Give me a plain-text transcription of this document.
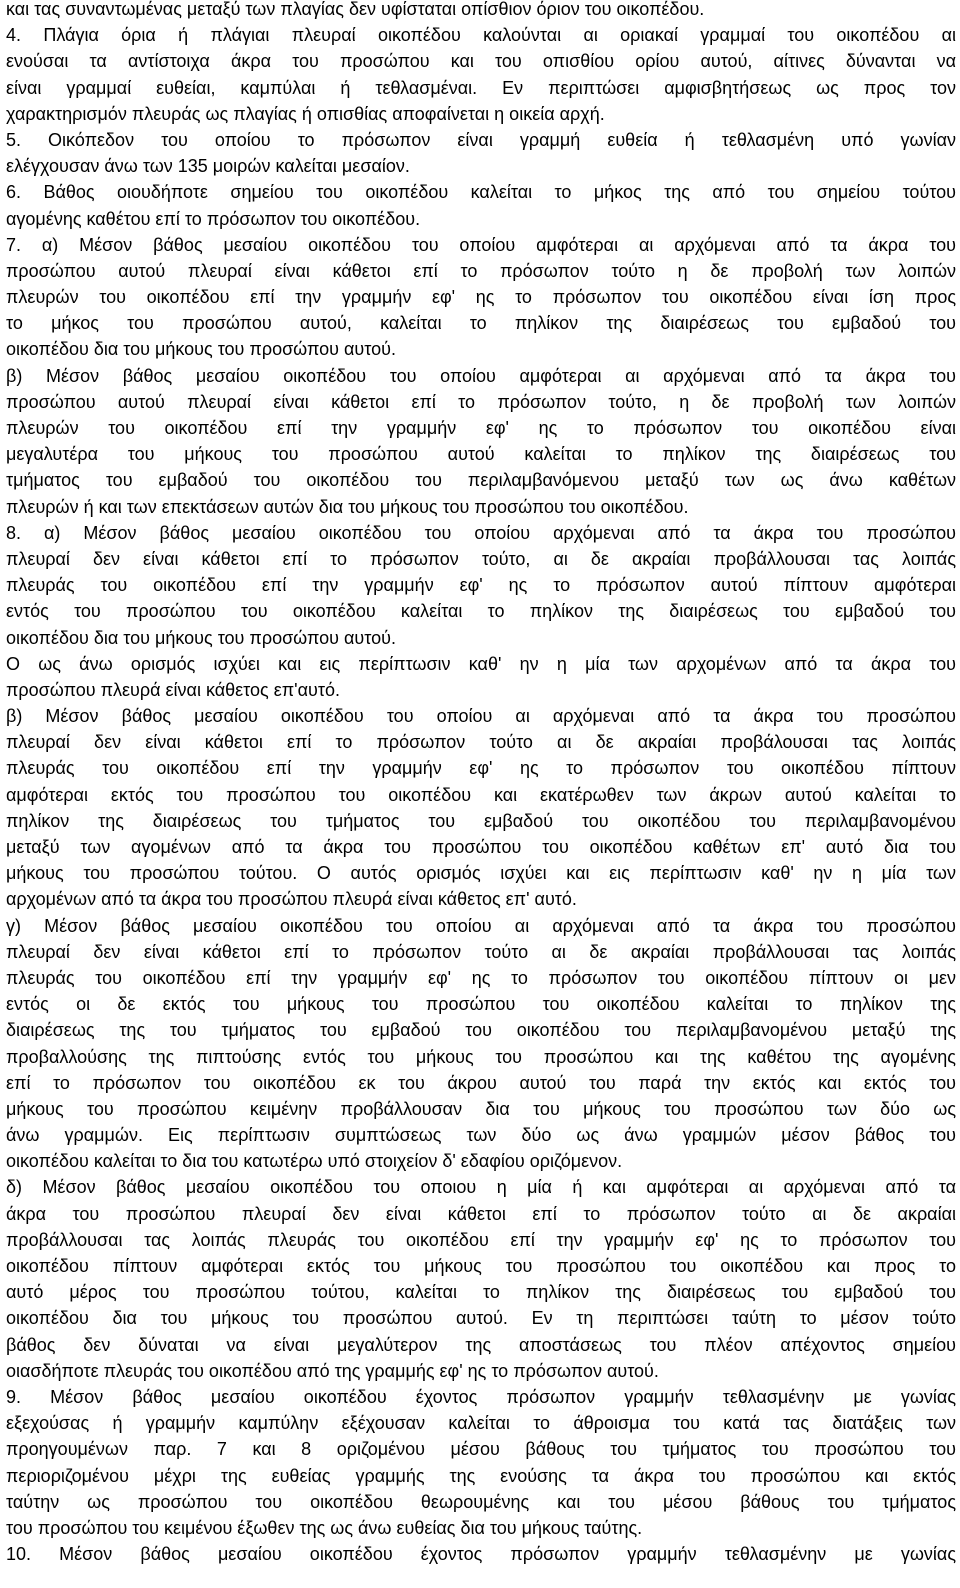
και τας συναντωμένας μεταξύ των πλαγίας δεν υφίσταται οπίσθιον όριον του οικοπέδου.
4. Πλάγια όρια ή πλάγιαι πλευραί οικοπέδου καλούνται αι οριακαί γραμμαί του οικοπέδου αι
ενούσαι τα αντίστοιχα άκρα του προσώπου και του οπισθίου ορίου αυτού, αίτινες δύνανται να
είναι γραμμαί ευθείαι, καμπύλαι ή τεθλασμέναι. Εν περιπτώσει αμφισβητήσεως ως προς τον
χαρακτηρισμόν πλευράς ως πλαγίας ή οπισθίας αποφαίνεται η οικεία αρχή.
5. Οικόπεδον του οποίου το πρόσωπον είναι γραμμή ευθεία ή τεθλασμένη υπό γωνίαν
ελέγχουσαν άνω των 135 μοιρών καλείται μεσαίον.
6. Βάθος οιουδήποτε σημείου του οικοπέδου καλείται το μήκος της από του σημείου τούτου
αγομένης καθέτου επί το πρόσωπον του οικοπέδου.
7. α) Μέσον βάθος μεσαίου οικοπέδου του οποίου αμφότεραι αι αρχόμεναι από τα άκρα του
προσώπου αυτού πλευραί είναι κάθετοι επί το πρόσωπον τούτο η δε προβολή των λοιπών
πλευρών του οικοπέδου επί την γραμμήν εφ' ης το πρόσωπον του οικοπέδου είναι ίση προς
το μήκος του προσώπου αυτού, καλείται το πηλίκον της διαιρέσεως του εμβαδού του
οικοπέδου δια του μήκους του προσώπου αυτού.
β) Μέσον βάθος μεσαίου οικοπέδου του οποίου αμφότεραι αι αρχόμεναι από τα άκρα του
προσώπου αυτού πλευραί είναι κάθετοι επί το πρόσωπον τούτο, η δε προβολή των λοιπών
πλευρών του οικοπέδου επί την γραμμήν εφ' ης το πρόσωπον του οικοπέδου είναι
μεγαλυτέρα του μήκους του προσώπου αυτού καλείται το πηλίκον της διαιρέσεως του
τμήματος του εμβαδού του οικοπέδου του περιλαμβανόμενου μεταξύ των ως άνω καθέτων
πλευρών ή και των επεκτάσεων αυτών δια του μήκους του προσώπου του οικοπέδου.
8. α) Μέσον βάθος μεσαίου οικοπέδου του οποίου αρχόμεναι από τα άκρα του προσώπου
πλευραί δεν είναι κάθετοι επί το πρόσωπον τούτο, αι δε ακραίαι προβάλλουσαι τας λοιπάς
πλευράς του οικοπέδου επί την γραμμήν εφ' ης το πρόσωπον αυτού πίπτουν αμφότεραι
εντός του προσώπου του οικοπέδου καλείται το πηλίκον της διαιρέσεως του εμβαδού του
οικοπέδου δια του μήκους του προσώπου αυτού.
Ο ως άνω ορισμός ισχύει και εις περίπτωσιν καθ' ην η μία των αρχομένων από τα άκρα του
προσώπου πλευρά είναι κάθετος επ'αυτό.
β) Μέσον βάθος μεσαίου οικοπέδου του οποίου αι αρχόμεναι από τα άκρα του προσώπου
πλευραί δεν είναι κάθετοι επί το πρόσωπον τούτο αι δε ακραίαι προβάλουσαι τας λοιπάς
πλευράς του οικοπέδου επί την γραμμήν εφ' ης το πρόσωπον του οικοπέδου πίπτουν
αμφότεραι εκτός του προσώπου του οικοπέδου και εκατέρωθεν των άκρων αυτού καλείται το
πηλίκον της διαιρέσεως του τμήματος του εμβαδού του οικοπέδου του περιλαμβανομένου
μεταξύ των αγομένων από τα άκρα του προσώπου του οικοπέδου καθέτων επ' αυτό δια του
μήκους του προσώπου τούτου. Ο αυτός ορισμός ισχύει και εις περίπτωσιν καθ' ην η μία των
αρχομένων από τα άκρα του προσώπου πλευρά είναι κάθετος επ' αυτό.
γ) Μέσον βάθος μεσαίου οικοπέδου του οποίου αι αρχόμεναι από τα άκρα του προσώπου
πλευραί δεν είναι κάθετοι επί το πρόσωπον τούτο αι δε ακραίαι προβάλλουσαι τας λοιπάς
πλευράς του οικοπέδου επί την γραμμήν εφ' ης το πρόσωπον του οικοπέδου πίπτουν οι μεν
εντός οι δε εκτός του μήκους του προσώπου του οικοπέδου καλείται το πηλίκον της
διαιρέσεως της του τμήματος του εμβαδού του οικοπέδου του περιλαμβανομένου μεταξύ της
προβαλλούσης της πιπτούσης εντός του μήκους του προσώπου και της καθέτου της αγομένης
επί το πρόσωπον του οικοπέδου εκ του άκρου αυτού του παρά την εκτός και εκτός του
μήκους του προσώπου κειμένην προβάλλουσαν δια του μήκους του προσώπου των δύο ως
άνω γραμμών. Εις περίπτωσιν συμπτώσεως των δύο ως άνω γραμμών μέσον βάθος του
οικοπέδου καλείται το δια του κατωτέρω υπό στοιχείον δ' εδαφίου οριζόμενον.
δ) Μέσον βάθος μεσαίου οικοπέδου του οποιου η μία ή και αμφότεραι αι αρχόμεναι από τα
άκρα του προσώπου πλευραί δεν είναι κάθετοι επί το πρόσωπον τούτο αι δε ακραίαι
προβάλλουσαι τας λοιπάς πλευράς του οικοπέδου επί την γραμμήν εφ' ης το πρόσωπον του
οικοπέδου πίπτουν αμφότεραι εκτός του μήκους του προσώπου του οικοπέδου και προς το
αυτό μέρος του προσώπου τούτου, καλείται το πηλίκον της διαιρέσεως του εμβαδού του
οικοπέδου δια του μήκους του προσώπου αυτού. Εν τη περιπτώσει ταύτη το μέσον τούτο
βάθος δεν δύναται να είναι μεγαλύτερον της αποστάσεως του πλέον απέχοντος σημείου
οιασδήποτε πλευράς του οικοπέδου από της γραμμής εφ' ης το πρόσωπον αυτού.
9. Μέσον βάθος μεσαίου οικοπέδου έχοντος πρόσωπον γραμμήν τεθλασμένην με γωνίας
εξεχούσας ή γραμμήν καμπύλην εξέχουσαν καλείται το άθροισμα του κατά τας διατάξεις των
προηγουμένων παρ. 7 και 8 οριζομένου μέσου βάθους του τμήματος του προσώπου του
περιοριζομένου μέχρι της ευθείας γραμμής της ενούσης τα άκρα του προσώπου και εκτός
ταύτην ως προσώπου του οικοπέδου θεωρουμένης και του μέσου βάθους του τμήματος
του προσώπου του κειμένου έξωθεν της ως άνω ευθείας δια του μήκους ταύτης.
10. Μέσον βάθος μεσαίου οικοπέδου έχοντος πρόσωπον γραμμήν τεθλασμένην με γωνίας
